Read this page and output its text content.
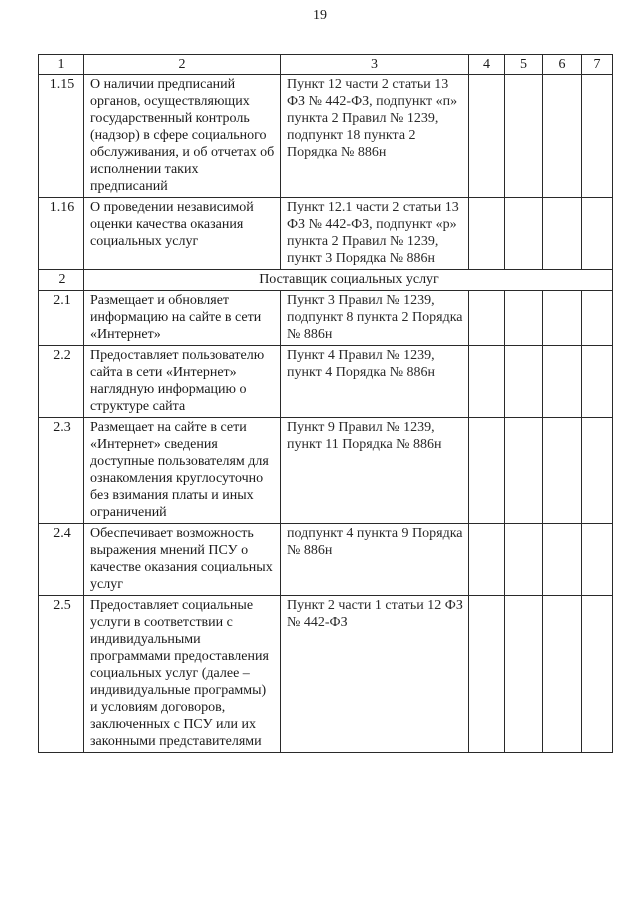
19
1	2	3	4	5	6	7
1.15	О наличии предписаний органов, осуществляющих государственный контроль (надзор) в сфере социального обслуживания, и об отчетах об исполнении таких предписаний	Пункт 12 части 2 статьи 13 ФЗ № 442-ФЗ, подпункт «п» пункта 2 Правил № 1239, подпункт 18 пункта 2 Порядка № 886н				
1.16	О проведении независимой оценки качества оказания социальных услуг	Пункт 12.1 части 2 статьи 13 ФЗ № 442-ФЗ, подпункт «р» пункта 2 Правил № 1239, пункт 3 Порядка № 886н				
2	Поставщик социальных услуг					
2.1	Размещает и обновляет информацию на сайте в сети «Интернет»	Пункт 3 Правил № 1239, подпункт 8 пункта 2 Порядка № 886н				
2.2	Предоставляет пользователю сайта в сети «Интернет» наглядную информацию о структуре сайта	Пункт 4 Правил № 1239, пункт 4 Порядка № 886н				
2.3	Размещает на сайте в сети «Интернет» сведения доступные пользователям для ознакомления круглосуточно без взимания платы и иных ограничений	Пункт 9 Правил № 1239, пункт 11 Порядка № 886н				
2.4	Обеспечивает возможность выражения мнений ПСУ о качестве оказания социальных услуг	подпункт 4 пункта 9 Порядка № 886н				
2.5	Предоставляет социальные услуги в соответствии с индивидуальными программами предоставления социальных услуг (далее – индивидуальные программы) и условиям договоров, заключенных с ПСУ или их законными представителями	Пункт 2 части 1 статьи 12 ФЗ № 442-ФЗ				
